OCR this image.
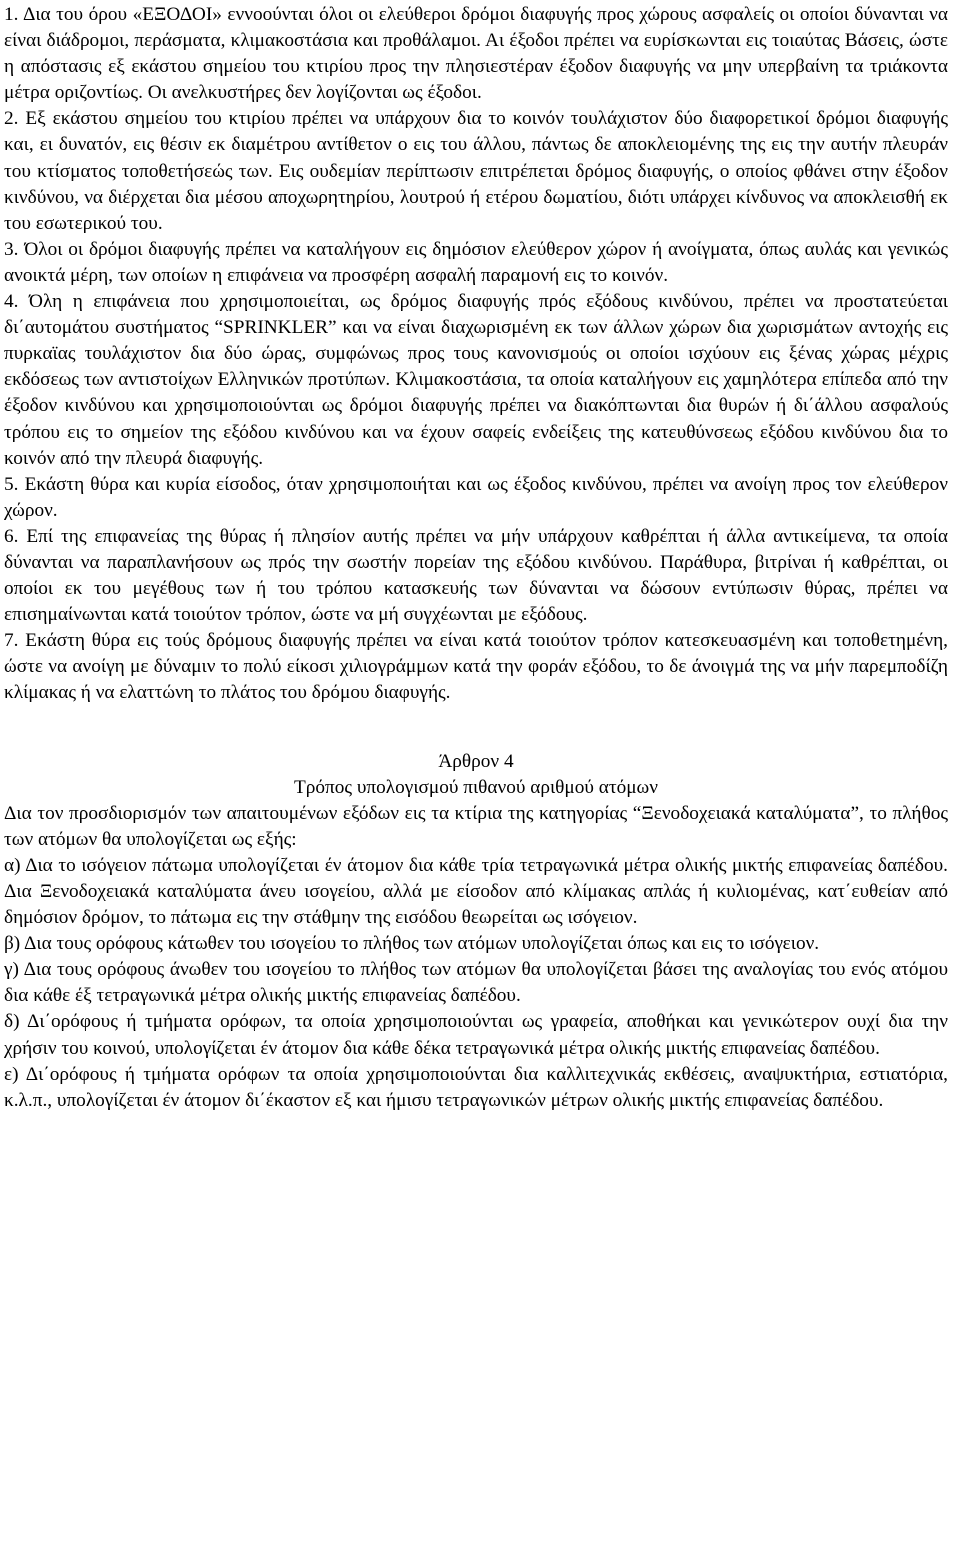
1. Δια του όρου «ΕΞΟΔΟΙ» εννοούνται όλοι οι ελεύθεροι δρόμοι διαφυγής προς χώρους ασφαλείς οι οποίοι δύνανται να είναι διάδρομοι, περάσματα, κλιμακοστάσια και προθάλαμοι. Αι έξοδοι πρέπει να ευρίσκωνται εις τοιαύτας Βάσεις, ώστε η απόστασις εξ εκάστου σημείου του κτιρίου προς την πλησιεστέραν έξοδον διαφυγής να μην υπερβαίνη τα τριάκοντα μέτρα οριζοντίως. Οι ανελκυστήρες δεν λογίζονται ως έξοδοι.

2. Εξ εκάστου σημείου του κτιρίου πρέπει να υπάρχουν δια το κοινόν τουλάχιστον δύο διαφορετικοί δρόμοι διαφυγής και, ει δυνατόν, εις θέσιν εκ διαμέτρου αντίθετον ο εις του άλλου, πάντως δε αποκλειομένης της εις την αυτήν πλευράν του κτίσματος τοποθετήσεώς των. Εις ουδεμίαν περίπτωσιν επιτρέπεται δρόμος διαφυγής, ο οποίος φθάνει στην έξοδον κινδύνου, να διέρχεται δια μέσου αποχωρητηρίου, λουτρού ή ετέρου δωματίου, διότι υπάρχει κίνδυνος να αποκλεισθή εκ του εσωτερικού του.

3. Όλοι οι δρόμοι διαφυγής πρέπει να καταλήγουν εις δημόσιον ελεύθερον χώρον ή ανοίγματα, όπως αυλάς και γενικώς ανοικτά μέρη, των οποίων η επιφάνεια να προσφέρη ασφαλή παραμονή εις το κοινόν.

4. Όλη η επιφάνεια που χρησιμοποιείται, ως δρόμος διαφυγής πρός εξόδους κινδύνου, πρέπει να προστατεύεται δι΄αυτομάτου συστήματος “SPRINKLER” και να είναι διαχωρισμένη εκ των άλλων χώρων δια χωρισμάτων αντοχής εις πυρκαϊας τουλάχιστον δια δύο ώρας, συμφώνως προς τους κανονισμούς οι οποίοι ισχύουν εις ξένας χώρας μέχρις εκδόσεως των αντιστοίχων Ελληνικών προτύπων. Κλιμακοστάσια, τα οποία καταλήγουν εις χαμηλότερα επίπεδα από την έξοδον κινδύνου και χρησιμοποιούνται ως δρόμοι διαφυγής πρέπει να διακόπτωνται δια θυρών ή δι΄άλλου ασφαλούς τρόπου εις το σημείον της εξόδου κινδύνου και να έχουν σαφείς ενδείξεις της κατευθύνσεως εξόδου κινδύνου δια το κοινόν από την πλευρά διαφυγής.

5. Εκάστη θύρα και κυρία είσοδος, όταν χρησιμοποιήται και ως έξοδος κινδύνου, πρέπει να ανοίγη προς τον ελεύθερον χώρον.

6. Επί της επιφανείας της θύρας ή πλησίον αυτής πρέπει να μήν υπάρχουν καθρέπται ή άλλα αντικείμενα, τα οποία δύνανται να παραπλανήσουν ως πρός την σωστήν πορείαν της εξόδου κινδύνου. Παράθυρα, βιτρίναι ή καθρέπται, οι οποίοι εκ του μεγέθους των ή του τρόπου κατασκευής των δύνανται να δώσουν εντύπωσιν θύρας, πρέπει να επισημαίνωνται κατά τοιούτον τρόπον, ώστε να μή συγχέωνται με εξόδους.

7. Εκάστη θύρα εις τούς δρόμους διαφυγής πρέπει να είναι κατά τοιούτον τρόπον κατεσκευασμένη και τοποθετημένη, ώστε να ανοίγη με δύναμιν το πολύ είκοσι χιλιογράμμων κατά την φοράν εξόδου, το δε άνοιγμά της να μήν παρεμποδίζη κλίμακας ή να ελαττώνη το πλάτος του δρόμου διαφυγής.

Άρθρον 4

Τρόπος υπολογισμού πιθανού αριθμού ατόμων

Δια τον προσδιορισμόν των απαιτουμένων εξόδων εις τα κτίρια της κατηγορίας “Ξενοδοχειακά καταλύματα”, το πλήθος των ατόμων θα υπολογίζεται ως εξής:

α) Δια το ισόγειον πάτωμα υπολογίζεται έν άτομον δια κάθε τρία τετραγωνικά μέτρα ολικής μικτής επιφανείας δαπέδου. Δια Ξενοδοχειακά καταλύματα άνευ ισογείου, αλλά με είσοδον από κλίμακας απλάς ή κυλιομένας, κατ΄ευθείαν από δημόσιον δρόμον, το πάτωμα εις την στάθμην της εισόδου θεωρείται ως ισόγειον.

β) Δια τους ορόφους κάτωθεν του ισογείου το πλήθος των ατόμων υπολογίζεται όπως και εις το ισόγειον.

γ) Δια τους ορόφους άνωθεν του ισογείου το πλήθος των ατόμων θα υπολογίζεται βάσει της αναλογίας του ενός ατόμου δια κάθε έξ τετραγωνικά μέτρα ολικής μικτής επιφανείας δαπέδου.

δ) Δι΄ορόφους ή τμήματα ορόφων, τα οποία χρησιμοποιούνται ως γραφεία, αποθήκαι και γενικώτερον ουχί δια την χρήσιν του κοινού, υπολογίζεται έν άτομον δια κάθε δέκα τετραγωνικά μέτρα ολικής μικτής επιφανείας δαπέδου.

ε) Δι΄ορόφους ή τμήματα ορόφων τα οποία χρησιμοποιούνται δια καλλιτεχνικάς εκθέσεις, αναψυκτήρια, εστιατόρια, κ.λ.π., υπολογίζεται έν άτομον δι΄έκαστον εξ και ήμισυ τετραγωνικών μέτρων ολικής μικτής επιφανείας δαπέδου.
